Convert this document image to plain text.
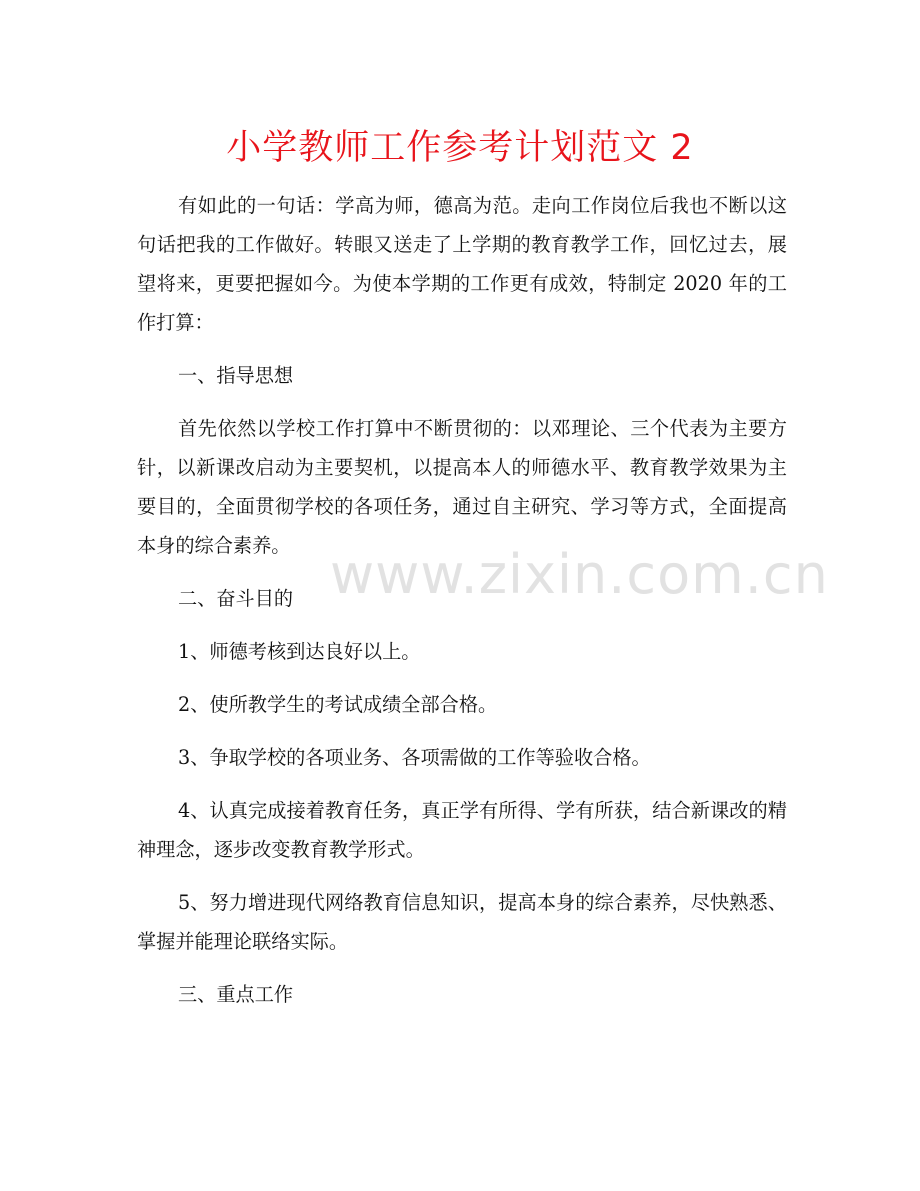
小学教师工作参考计划范文 2

有如此的一句话：学高为师，德高为范。走向工作岗位后我也不断以这句话把我的工作做好。转眼又送走了上学期的教育教学工作，回忆过去，展望将来，更要把握如今。为使本学期的工作更有成效，特制定 2020 年的工作打算：

一、指导思想

首先依然以学校工作打算中不断贯彻的：以邓理论、三个代表为主要方针，以新课改启动为主要契机，以提高本人的师德水平、教育教学效果为主要目的，全面贯彻学校的各项任务，通过自主研究、学习等方式，全面提高本身的综合素养。

二、奋斗目的

1、师德考核到达良好以上。

2、使所教学生的考试成绩全部合格。

3、争取学校的各项业务、各项需做的工作等验收合格。

4、认真完成接着教育任务，真正学有所得、学有所获，结合新课改的精神理念，逐步改变教育教学形式。

5、努力增进现代网络教育信息知识，提高本身的综合素养，尽快熟悉、掌握并能理论联络实际。

三、重点工作

www.zixin.com.cn
